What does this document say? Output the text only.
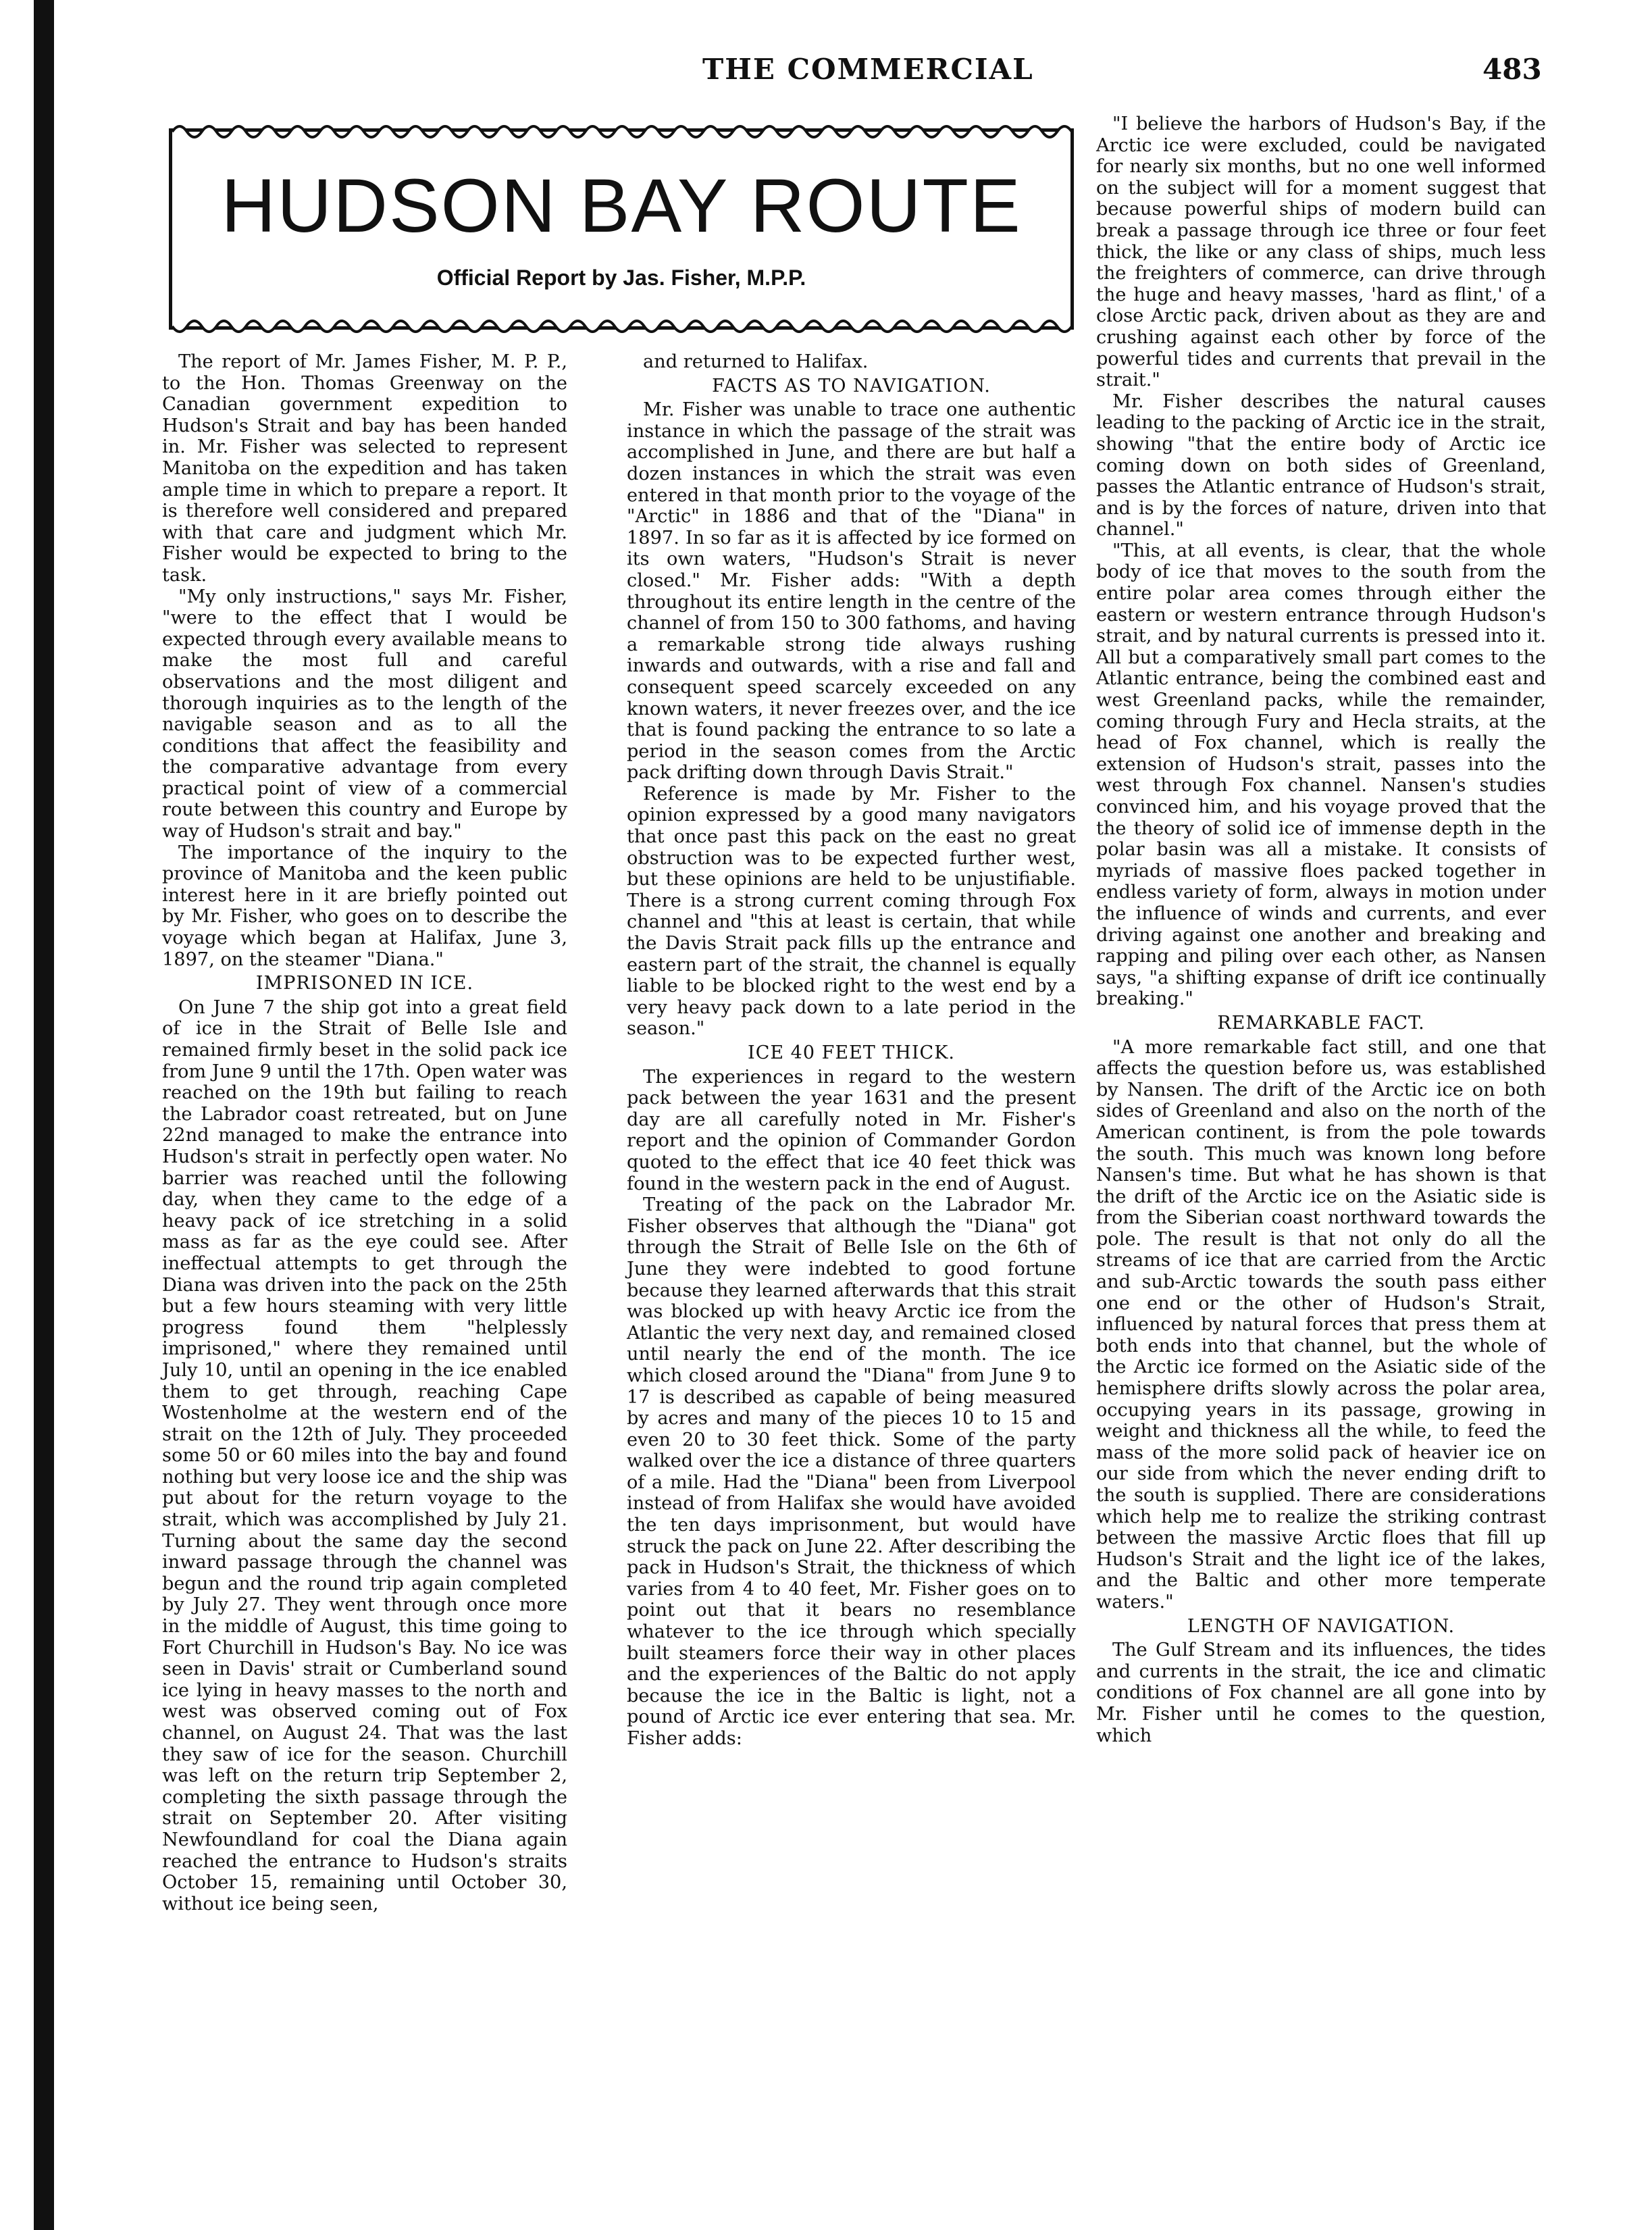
THE COMMERCIAL	483
HUDSON BAY ROUTE
Official Report by Jas. Fisher, M.P.P.

The report of Mr. James Fisher, M. P. P., to the Hon. Thomas Greenway on the Canadian government expedition to Hudson's Strait and bay has been handed in. Mr. Fisher was selected to represent Manitoba on the expedition and has taken ample time in which to prepare a report. It is therefore well considered and prepared with that care and judgment which Mr. Fisher would be expected to bring to the task.

"My only instructions," says Mr. Fisher, "were to the effect that I would be expected through every available means to make the most full and careful observations and the most diligent and thorough inquiries as to the length of the navigable season and as to all the conditions that affect the feasibility and the comparative advantage from every practical point of view of a commercial route between this country and Europe by way of Hudson's strait and bay."

The importance of the inquiry to the province of Manitoba and the keen public interest here in it are briefly pointed out by Mr. Fisher, who goes on to describe the voyage which began at Halifax, June 3, 1897, on the steamer "Diana."

IMPRISONED IN ICE.

On June 7 the ship got into a great field of ice in the Strait of Belle Isle and remained firmly beset in the solid pack ice from June 9 until the 17th. Open water was reached on the 19th but failing to reach the Labrador coast retreated, but on June 22nd managed to make the entrance into Hudson's strait in perfectly open water. No barrier was reached until the following day, when they came to the edge of a heavy pack of ice stretching in a solid mass as far as the eye could see. After ineffectual attempts to get through the Diana was driven into the pack on the 25th but a few hours steaming with very little progress found them "helplessly imprisoned," where they remained until July 10, until an opening in the ice enabled them to get through, reaching Cape Wostenholme at the western end of the strait on the 12th of July. They proceeded some 50 or 60 miles into the bay and found nothing but very loose ice and the ship was put about for the return voyage to the strait, which was accomplished by July 21. Turning about the same day the second inward passage through the channel was begun and the round trip again completed by July 27. They went through once more in the middle of August, this time going to Fort Churchill in Hudson's Bay. No ice was seen in Davis' strait or Cumberland sound ice lying in heavy masses to the north and west was observed coming out of Fox channel, on August 24. That was the last they saw of ice for the season. Churchill was left on the return trip September 2, completing the sixth passage through the strait on September 20. After visiting Newfoundland for coal the Diana again reached the entrance to Hudson's straits October 15, remaining until October 30, without ice being seen,

and returned to Halifax.

FACTS AS TO NAVIGATION.

Mr. Fisher was unable to trace one authentic instance in which the passage of the strait was accomplished in June, and there are but half a dozen instances in which the strait was even entered in that month prior to the voyage of the "Arctic" in 1886 and that of the "Diana" in 1897. In so far as it is affected by ice formed on its own waters, "Hudson's Strait is never closed." Mr. Fisher adds: "With a depth throughout its entire length in the centre of the channel of from 150 to 300 fathoms, and having a remarkable strong tide always rushing inwards and outwards, with a rise and fall and consequent speed scarcely exceeded on any known waters, it never freezes over, and the ice that is found packing the entrance to so late a period in the season comes from the Arctic pack drifting down through Davis Strait."

Reference is made by Mr. Fisher to the opinion expressed by a good many navigators that once past this pack on the east no great obstruction was to be expected further west, but these opinions are held to be unjustifiable. There is a strong current coming through Fox channel and "this at least is certain, that while the Davis Strait pack fills up the entrance and eastern part of the strait, the channel is equally liable to be blocked right to the west end by a very heavy pack down to a late period in the season."

ICE 40 FEET THICK.

The experiences in regard to the western pack between the year 1631 and the present day are all carefully noted in Mr. Fisher's report and the opinion of Commander Gordon quoted to the effect that ice 40 feet thick was found in the western pack in the end of August.

Treating of the pack on the Labrador Mr. Fisher observes that although the "Diana" got through the Strait of Belle Isle on the 6th of June they were indebted to good fortune because they learned afterwards that this strait was blocked up with heavy Arctic ice from the Atlantic the very next day, and remained closed until nearly the end of the month. The ice which closed around the "Diana" from June 9 to 17 is described as capable of being measured by acres and many of the pieces 10 to 15 and even 20 to 30 feet thick. Some of the party walked over the ice a distance of three quarters of a mile. Had the "Diana" been from Liverpool instead of from Halifax she would have avoided the ten days imprisonment, but would have struck the pack on June 22. After describing the pack in Hudson's Strait, the thickness of which varies from 4 to 40 feet, Mr. Fisher goes on to point out that it bears no resemblance whatever to the ice through which specially built steamers force their way in other places and the experiences of the Baltic do not apply because the ice in the Baltic is light, not a pound of Arctic ice ever entering that sea. Mr. Fisher adds:

"I believe the harbors of Hudson's Bay, if the Arctic ice were excluded, could be navigated for nearly six months, but no one well informed on the subject will for a moment suggest that because powerful ships of modern build can break a passage through ice three or four feet thick, the like or any class of ships, much less the freighters of commerce, can drive through the huge and heavy masses, 'hard as flint,' of a close Arctic pack, driven about as they are and crushing against each other by force of the powerful tides and currents that prevail in the strait."

Mr. Fisher describes the natural causes leading to the packing of Arctic ice in the strait, showing "that the entire body of Arctic ice coming down on both sides of Greenland, passes the Atlantic entrance of Hudson's strait, and is by the forces of nature, driven into that channel."

"This, at all events, is clear, that the whole body of ice that moves to the south from the entire polar area comes through either the eastern or western entrance through Hudson's strait, and by natural currents is pressed into it. All but a comparatively small part comes to the Atlantic entrance, being the combined east and west Greenland packs, while the remainder, coming through Fury and Hecla straits, at the head of Fox channel, which is really the extension of Hudson's strait, passes into the west through Fox channel. Nansen's studies convinced him, and his voyage proved that the the theory of solid ice of immense depth in the polar basin was all a mistake. It consists of myriads of massive floes packed together in endless variety of form, always in motion under the influence of winds and currents, and ever driving against one another and breaking and rapping and piling over each other, as Nansen says, "a shifting expanse of drift ice continually breaking."

REMARKABLE FACT.

"A more remarkable fact still, and one that affects the question before us, was established by Nansen. The drift of the Arctic ice on both sides of Greenland and also on the north of the American continent, is from the pole towards the south. This much was known long before Nansen's time. But what he has shown is that the drift of the Arctic ice on the Asiatic side is from the Siberian coast northward towards the pole. The result is that not only do all the streams of ice that are carried from the Arctic and sub-Arctic towards the south pass either one end or the other of Hudson's Strait, influenced by natural forces that press them at both ends into that channel, but the whole of the Arctic ice formed on the Asiatic side of the hemisphere drifts slowly across the polar area, occupying years in its passage, growing in weight and thickness all the while, to feed the mass of the more solid pack of heavier ice on our side from which the never ending drift to the south is supplied. There are considerations which help me to realize the striking contrast between the massive Arctic floes that fill up Hudson's Strait and the light ice of the lakes, and the Baltic and other more temperate waters."

LENGTH OF NAVIGATION.

The Gulf Stream and its influences, the tides and currents in the strait, the ice and climatic conditions of Fox channel are all gone into by Mr. Fisher until he comes to the question, which
